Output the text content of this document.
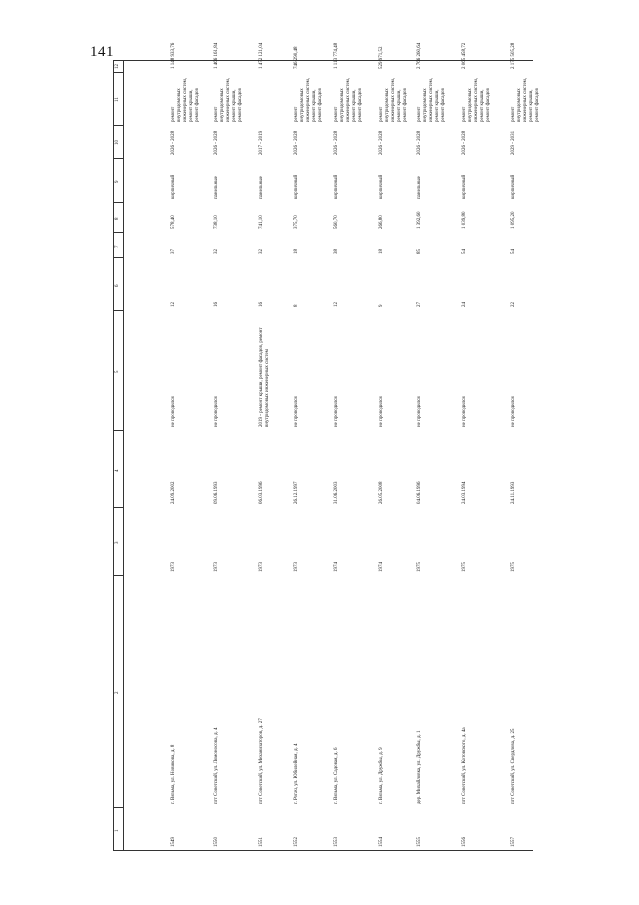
141
1
2
3
4
5
6
7
8
9
10
11
12
1549
г. Вязьма, ул. Новикова, д. 8
1973
24.09.2002
не проводился
12
37
578,40
кирпичный
2026 - 2028
ремонт внутридомовых инженерных систем, ремонт крыши, ремонт фасадов
1 148 933,76
1550
пгт Советский, ул. Ломоносова, д. 4
1973
09.06.1993
не проводился
16
32
738,10
панельные
2026 - 2028
ремонт внутридомовых инженерных систем, ремонт крыши, ремонт фасадов
1 466 161,84
1551
пгт Советский, ул. Механизаторов, д. 27
1973
06.03.1996
2019 - ремонт крыши, ремонт фасадов, ремонт внутридомовых инженерных систем
16
32
741,10
панельные
2017 - 2019
1 472 121,04
1552
г. Рогач, ул. Юбилейная, д. 4
1973
26.12.1997
не проводился
8
18
375,70
кирпичный
2026 - 2028
ремонт внутридомовых инженерных систем, ремонт крыши, ремонт фасадов
746 290,48
1553
г. Вязьма, ул. Садовая, д. 6
1974
31.06.2003
не проводился
12
38
560,70
кирпичный
2026 - 2028
ремонт внутридомовых инженерных систем, ремонт крыши, ремонт фасадов
1 113 774,48
1554
г. Вязьма, ул. Дружбы, д. 9
1974
26.05.2008
не проводился
9
18
266,80
кирпичный
2026 - 2028
ремонт внутридомовых инженерных систем, ремонт крыши, ремонт фасадов
529 971,52
1555
дер. Михайловка, ул. Дружбы, д. 1
1975
04.06.1996
не проводился
27
85
1 392,60
панельные
2026 - 2028
ремонт внутридомовых инженерных систем, ремонт крыши, ремонт фасадов
2 766 260,64
1556
пгт Советский, ул. Котовского, д. 4а
1975
24.03.1994
не проводился
24
54
1 039,80
кирпичный
2026 - 2028
ремонт внутридомовых инженерных систем, ремонт крыши, ремонт фасадов
2 065 458,72
1557
пгт Советский, ул. Свердлова, д. 25
1975
24.11.1993
не проводился
22
54
1 095,20
кирпичный
2029 - 2031
ремонт внутридомовых инженерных систем, ремонт крыши, ремонт фасадов
2 175 505,28
